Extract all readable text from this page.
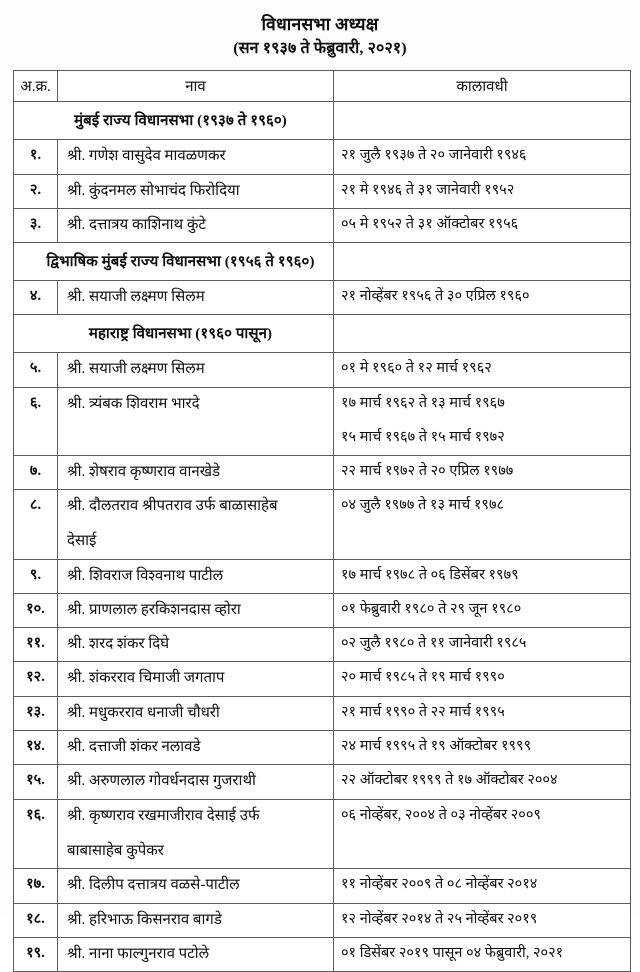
विधानसभा अध्यक्ष
(सन १९३७ ते फेब्रुवारी, २०२१)
अ.क्र.	नाव	कालावधी
मुंबई राज्य विधानसभा (१९३७ ते १९६०)		
१.	श्री. गणेश वासुदेव मावळणकर	२१ जुलै १९३७ ते २० जानेवारी १९४६

२.	श्री. कुंदनमल सोभाचंद फिरोदिया	२१ मे १९४६ ते ३१ जानेवारी १९५२

३.	श्री. दत्तात्रय काशिनाथ कुंटे	०५ मे १९५२ ते ३१ ऑक्टोबर १९५६

द्विभाषिक मुंबई राज्य विधानसभा (१९५६ ते १९६०)		
४.	श्री. सयाजी लक्ष्मण सिलम	२१ नोव्हेंबर १९५६ ते ३० एप्रिल १९६०

महाराष्ट्र विधानसभा (१९६० पासून)		
५.	श्री. सयाजी लक्ष्मण सिलम	०१ मे १९६० ते १२ मार्च १९६२

६.	श्री. त्र्यंबक शिवराम भारदे	१७ मार्च १९६२ ते १३ मार्च १९६७
१५ मार्च १९६७ ते १५ मार्च १९७२

७.	श्री. शेषराव कृष्णराव वानखेडे	२२ मार्च १९७२ ते २० एप्रिल १९७७

८.	श्री. दौलतराव श्रीपतराव उर्फ बाळासाहेब
देसाई	०४ जुलै १९७७ ते १३ मार्च १९७८

९.	श्री. शिवराज विश्वनाथ पाटील	१७ मार्च १९७८ ते ०६ डिसेंबर १९७९

१०.	श्री. प्राणलाल हरकिशनदास व्होरा	०१ फेब्रुवारी १९८० ते २९ जून १९८०

११.	श्री. शरद शंकर दिघे	०२ जुलै १९८० ते ११ जानेवारी १९८५

१२.	श्री. शंकरराव चिमाजी जगताप	२० मार्च १९८५ ते १९ मार्च १९९०

१३.	श्री. मधुकरराव धनाजी चौधरी	२१ मार्च १९९० ते २२ मार्च १९९५

१४.	श्री. दत्ताजी शंकर नलावडे	२४ मार्च १९९५ ते १९ ऑक्टोबर १९९९

१५.	श्री. अरुणलाल गोवर्धनदास गुजराथी	२२ ऑक्टोबर १९९९ ते १७ ऑक्टोबर २००४

१६.	श्री. कृष्णराव रखमाजीराव देसाई उर्फ
बाबासाहेब कुपेकर	०६ नोव्हेंबर, २००४ ते ०३ नोव्हेंबर २००९

१७.	श्री. दिलीप दत्तात्रय वळसे-पाटील	११ नोव्हेंबर २००९ ते ०८ नोव्हेंबर २०१४

१८.	श्री. हरिभाऊ किसनराव बागडे	१२ नोव्हेंबर २०१४ ते २५ नोव्हेंबर २०१९

१९.	श्री. नाना फाल्गुनराव पटोले	०१ डिसेंबर २०१९ पासून ०४ फेब्रुवारी, २०२१
